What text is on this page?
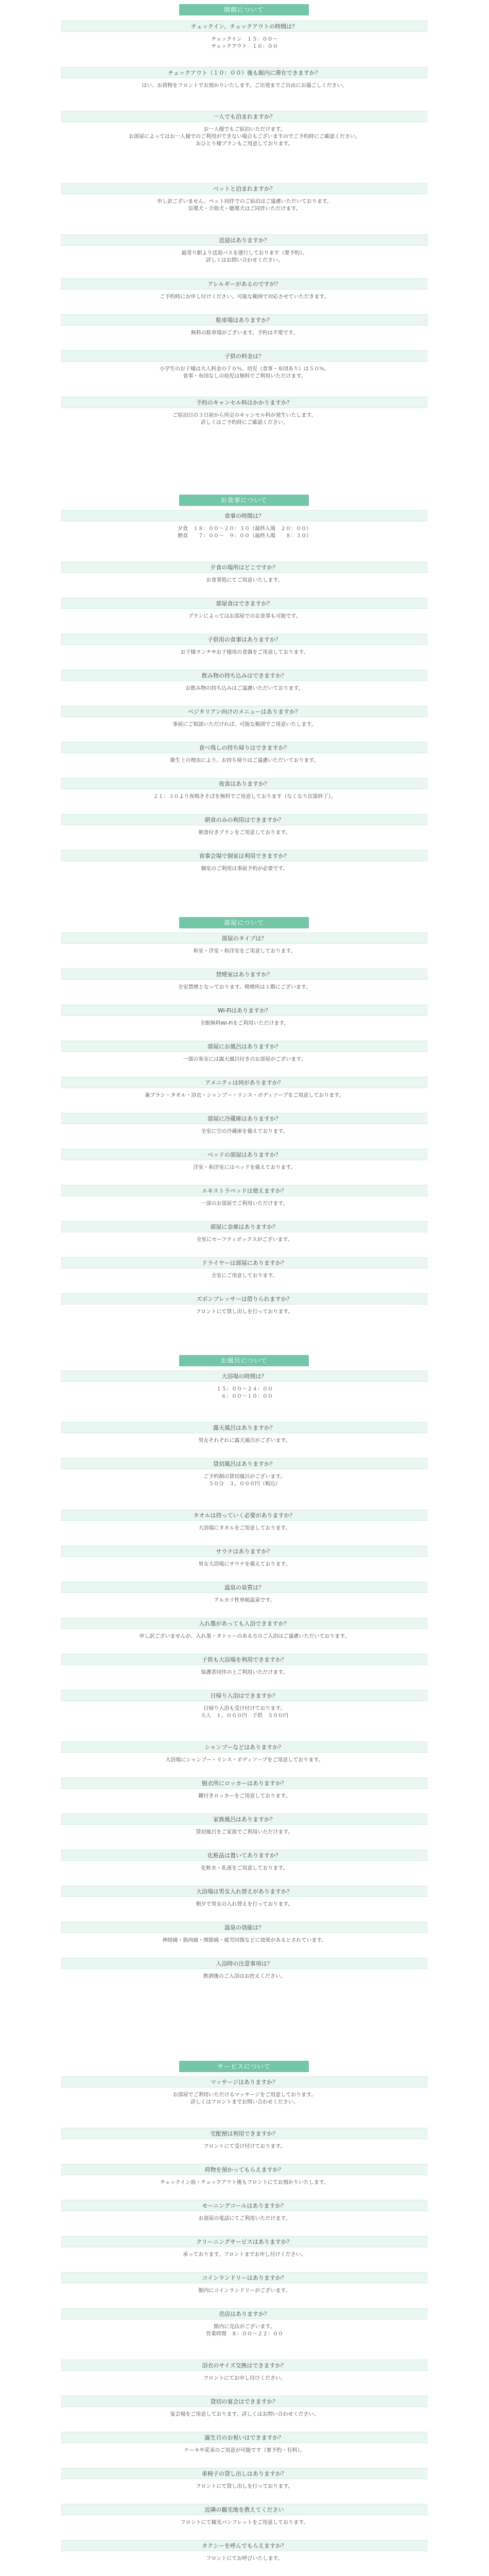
開館について
お食事について
部屋について
お風呂について
サービスについて
チェックイン、チェックアウトの時間は？
チェックイン　１５：００～
チェックアウト　１０：００
チェックアウト（１０：００）後も館内に滞在できますか？
はい、お荷物をフロントでお預かりいたします。ご出発までご自由にお過ごしください。
一人でも泊まれますか？
お一人様でもご宿泊いただけます。
お部屋によってはお一人様でのご利用ができない場合もございますのでご予約時にご確認ください。
おひとり様プランもご用意しております。
ペットと泊まれますか？
申し訳ございません。ペット同伴でのご宿泊はご遠慮いただいております。
盲導犬・介助犬・聴導犬はご同伴いただけます。
送迎はありますか？
最寄り駅より送迎バスを運行しております（要予約）。
詳しくはお問い合わせください。
アレルギーがあるのですが？
ご予約時にお申し付けください。可能な範囲で対応させていただきます。
駐車場はありますか？
無料の駐車場がございます。予約は不要です。
子供の料金は？
小学生のお子様は大人料金の７０％、幼児（食事・布団あり）は５０％、
食事・布団なしの幼児は無料でご利用いただけます。
予約のキャンセル料はかかりますか？
ご宿泊日の３日前から所定のキャンセル料が発生いたします。
詳しくはご予約時にご確認ください。
食事の時間は？
夕食　１８：００～２０：３０（最終入場　２０：００）
朝食　　７：００～　９：００（最終入場　　８：３０）
夕食の場所はどこですか？
お食事処にてご用意いたします。
部屋食はできますか？
プランによってはお部屋でのお食事も可能です。
子供用の食事はありますか？
お子様ランチやお子様用の食器をご用意しております。
飲み物の持ち込みはできますか？
お飲み物の持ち込みはご遠慮いただいております。
ベジタリアン向けのメニューはありますか？
事前にご相談いただければ、可能な範囲でご用意いたします。
食べ残しの持ち帰りはできますか？
衛生上の理由により、お持ち帰りはご遠慮いただいております。
夜食はありますか？
２１：３０より夜鳴きそばを無料でご用意しております（なくなり次第終了）。
朝食のみの利用はできますか？
朝食付きプランをご用意しております。
食事会場で個室は利用できますか？
個室のご利用は事前予約が必要です。
部屋のタイプは？
和室・洋室・和洋室をご用意しております。
禁煙室はありますか？
全室禁煙となっております。喫煙所は１階にございます。
Wi-Fiはありますか？
全館無料Wi-Fiをご利用いただけます。
部屋にお風呂はありますか？
一部の客室には露天風呂付きのお部屋がございます。
アメニティは何がありますか？
歯ブラシ・タオル・浴衣・シャンプー・リンス・ボディソープをご用意しております。
部屋に冷蔵庫はありますか？
全室に空の冷蔵庫を備えております。
ベッドの部屋はありますか？
洋室・和洋室にはベッドを備えております。
エキストラベッドは使えますか？
一部のお部屋でご利用いただけます。
部屋に金庫はありますか？
全室にセーフティボックスがございます。
ドライヤーは部屋にありますか？
全室にご用意しております。
ズボンプレッサーは借りられますか？
フロントにて貸し出しを行っております。
大浴場の時間は？
１５：００～２４：００
　６：００～１０：００
露天風呂はありますか？
男女それぞれに露天風呂がございます。
貸切風呂はありますか？
ご予約制の貸切風呂がございます。
５０分　３，０００円（税込）
タオルは持っていく必要がありますか？
大浴場にタオルをご用意しております。
サウナはありますか？
男女大浴場にサウナを備えております。
温泉の泉質は？
アルカリ性単純温泉です。
入れ墨があっても入浴できますか？
申し訳ございませんが、入れ墨・タトゥーのある方のご入浴はご遠慮いただいております。
子供も大浴場を利用できますか？
保護者同伴の上ご利用いただけます。
日帰り入浴はできますか？
日帰り入浴も受け付けております。
大人　１，０００円　子供　５００円
シャンプーなどはありますか？
大浴場にシャンプー・リンス・ボディソープをご用意しております。
脱衣所にロッカーはありますか？
鍵付きロッカーをご用意しております。
家族風呂はありますか？
貸切風呂をご家族でご利用いただけます。
化粧品は置いてありますか？
化粧水・乳液をご用意しております。
大浴場は男女入れ替えがありますか？
朝夕で男女の入れ替えを行っております。
温泉の効能は？
神経痛・筋肉痛・関節痛・疲労回復などに効果があるとされています。
入浴時の注意事項は？
飲酒後のご入浴はお控えください。
マッサージはありますか？
お部屋でご利用いただけるマッサージをご用意しております。
詳しくはフロントまでお問い合わせください。
宅配便は利用できますか？
フロントにて受け付けております。
荷物を預かってもらえますか？
チェックイン前・チェックアウト後もフロントにてお預かりいたします。
モーニングコールはありますか？
お部屋の電話にてご利用いただけます。
クリーニングサービスはありますか？
承っております。フロントまでお申し付けください。
コインランドリーはありますか？
館内にコインランドリーがございます。
売店はありますか？
館内に売店がございます。
営業時間　８：００～２２：００
浴衣のサイズ交換はできますか？
フロントにてお申し付けください。
貸切の宴会はできますか？
宴会場をご用意しております。詳しくはお問い合わせください。
誕生日のお祝いはできますか？
ケーキや花束のご用意が可能です（要予約・有料）。
車椅子の貸し出しはありますか？
フロントにて貸し出しを行っております。
近隣の観光地を教えてください
フロントにて観光パンフレットをご用意しております。
タクシーを呼んでもらえますか？
フロントにてお呼びいたします。
